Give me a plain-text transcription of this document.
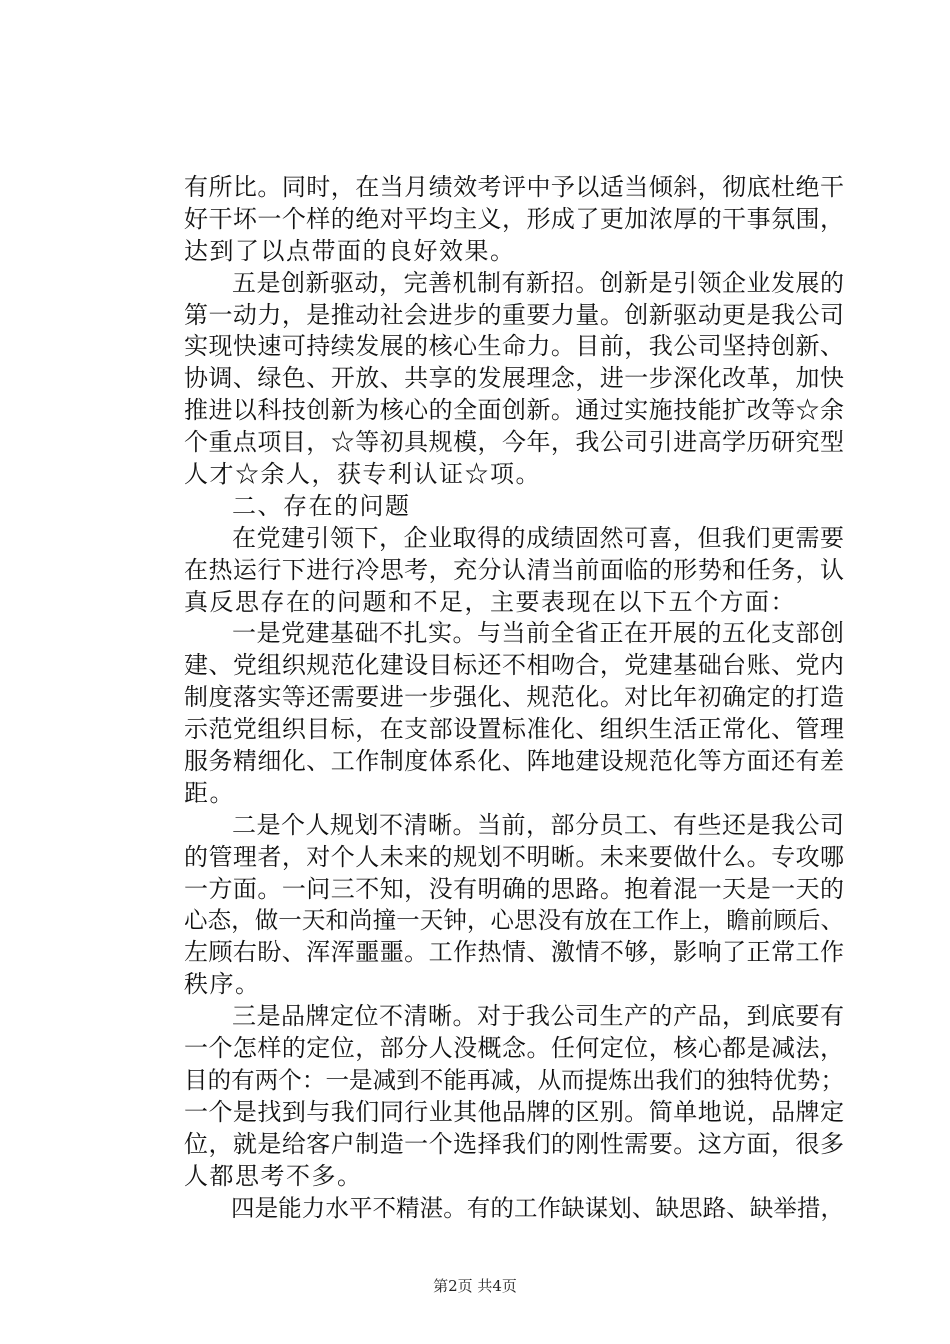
有所比。同时，在当月绩效考评中予以适当倾斜，彻底杜绝干
好干坏一个样的绝对平均主义，形成了更加浓厚的干事氛围，
达到了以点带面的良好效果。
五是创新驱动，完善机制有新招。创新是引领企业发展的
第一动力，是推动社会进步的重要力量。创新驱动更是我公司
实现快速可持续发展的核心生命力。目前，我公司坚持创新、
协调、绿色、开放、共享的发展理念，进一步深化改革，加快
推进以科技创新为核心的全面创新。通过实施技能扩改等☆余
个重点项目，☆等初具规模，今年，我公司引进高学历研究型
人才☆余人，获专利认证☆项。
二、存在的问题
在党建引领下，企业取得的成绩固然可喜，但我们更需要
在热运行下进行冷思考，充分认清当前面临的形势和任务，认
真反思存在的问题和不足，主要表现在以下五个方面：
一是党建基础不扎实。与当前全省正在开展的五化支部创
建、党组织规范化建设目标还不相吻合，党建基础台账、党内
制度落实等还需要进一步强化、规范化。对比年初确定的打造
示范党组织目标，在支部设置标准化、组织生活正常化、管理
服务精细化、工作制度体系化、阵地建设规范化等方面还有差
距。
二是个人规划不清晰。当前，部分员工、有些还是我公司
的管理者，对个人未来的规划不明晰。未来要做什么。专攻哪
一方面。一问三不知，没有明确的思路。抱着混一天是一天的
心态，做一天和尚撞一天钟，心思没有放在工作上，瞻前顾后、
左顾右盼、浑浑噩噩。工作热情、激情不够，影响了正常工作
秩序。
三是品牌定位不清晰。对于我公司生产的产品，到底要有
一个怎样的定位，部分人没概念。任何定位，核心都是减法，
目的有两个：一是减到不能再减，从而提炼出我们的独特优势；
一个是找到与我们同行业其他品牌的区别。简单地说，品牌定
位，就是给客户制造一个选择我们的刚性需要。这方面，很多
人都思考不多。
四是能力水平不精湛。有的工作缺谋划、缺思路、缺举措，
第2页 共4页
